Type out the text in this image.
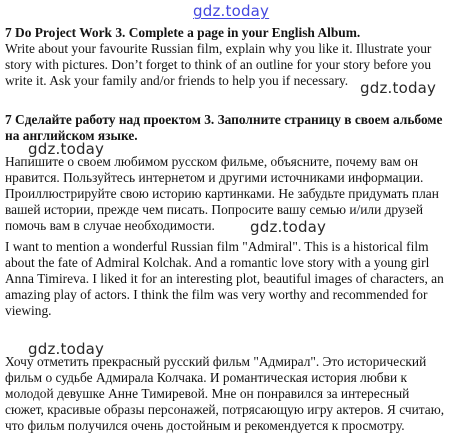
gdz.today
7 Do Project Work 3. Complete a page in your English Album.
Write about your favourite Russian film, explain why you like it. Illustrate your
story with pictures. Don’t forget to think of an outline for your story before you
write it. Ask your family and/or friends to help you if necessary. gdz.today
7 Сделайте работу над проектом 3. Заполните страницу в своем альбоме
на английском языке.
gdz.today
Напишите о своем любимом русском фильме, объясните, почему вам он
нравится. Пользуйтесь интернетом и другими источниками информации.
Проиллюстрируйте свою историю картинками. Не забудьте придумать план
вашей истории, прежде чем писать. Попросите вашу семью и/или друзей
помочь вам в случае необходимости.	gdz.today
I want to mention a wonderful Russian film "Admiral". This is a historical film
about the fate of Admiral Kolchak. And a romantic love story with a young girl
Anna Timireva. I liked it for an interesting plot, beautiful images of characters, an
amazing play of actors. I think the film was very worthy and recommended for
viewing.
gdz.today
Хочу отметить прекрасный русский фильм "Адмирал". Это исторический
фильм о судьбе Адмирала Колчака. И романтическая история любви к
молодой девушке Анне Тимиревой. Мне он понравился за интересный
сюжет, красивые образы персонажей, потрясающую игру актеров. Я считаю,
что фильм получился очень достойным и рекомендуется к просмотру.
